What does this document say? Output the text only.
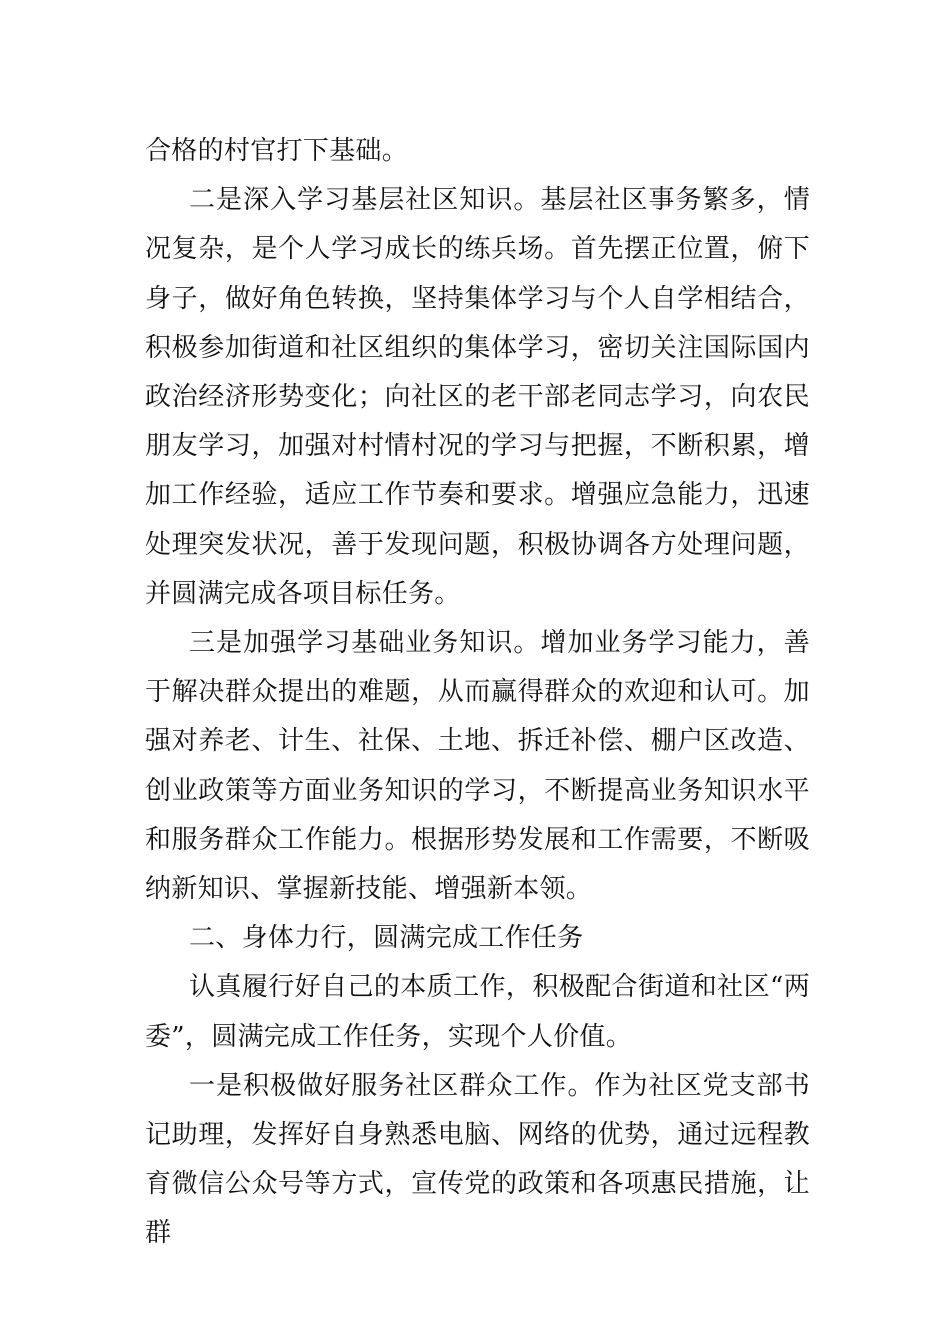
合格的村官打下基础。

二是深入学习基层社区知识。基层社区事务繁多，情况复杂，是个人学习成长的练兵场。首先摆正位置，俯下身子，做好角色转换，坚持集体学习与个人自学相结合，积极参加街道和社区组织的集体学习，密切关注国际国内政治经济形势变化；向社区的老干部老同志学习，向农民朋友学习，加强对村情村况的学习与把握，不断积累，增加工作经验，适应工作节奏和要求。增强应急能力，迅速处理突发状况，善于发现问题，积极协调各方处理问题，并圆满完成各项目标任务。

三是加强学习基础业务知识。增加业务学习能力，善于解决群众提出的难题，从而赢得群众的欢迎和认可。加强对养老、计生、社保、土地、拆迁补偿、棚户区改造、创业政策等方面业务知识的学习，不断提高业务知识水平和服务群众工作能力。根据形势发展和工作需要，不断吸纳新知识、掌握新技能、增强新本领。

二、身体力行，圆满完成工作任务

认真履行好自己的本质工作，积极配合街道和社区“两委”，圆满完成工作任务，实现个人价值。

一是积极做好服务社区群众工作。作为社区党支部书记助理，发挥好自身熟悉电脑、网络的优势，通过远程教育微信公众号等方式，宣传党的政策和各项惠民措施，让群
